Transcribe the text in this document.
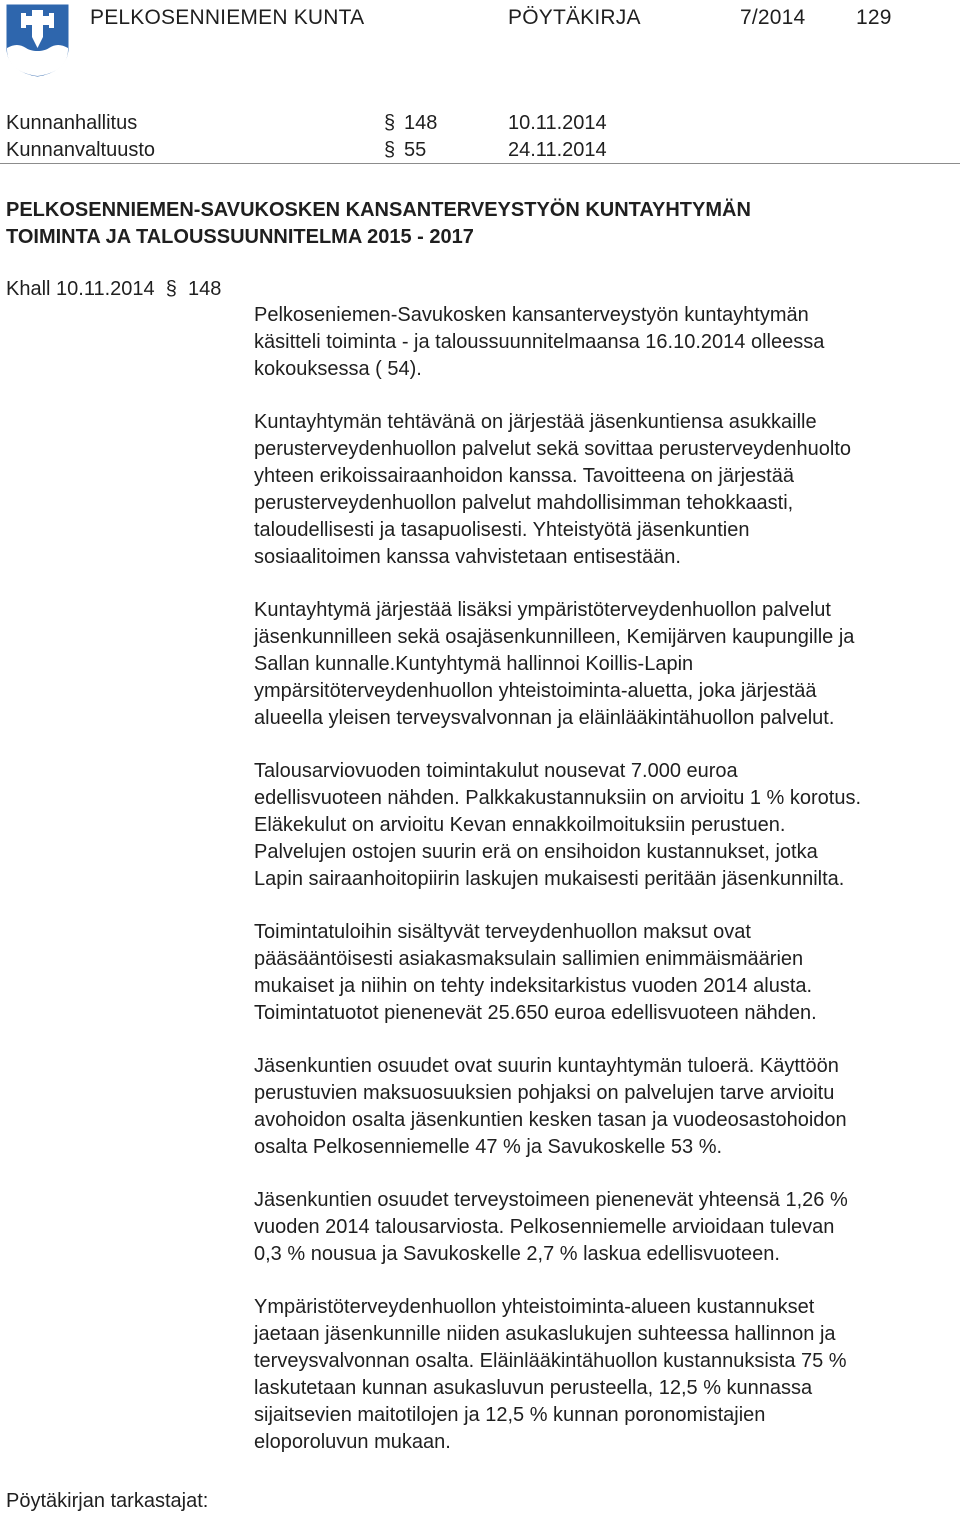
PELKOSENNIEMEN KUNTA	PÖYTÄKIRJA	7/2014 129
Kunnanhallitus	§ 148	10.11.2014
Kunnanvaltuusto	§ 55	24.11.2014
PELKOSENNIEMEN-SAVUKOSKEN KANSANTERVEYSTYÖN KUNTAYHTYMÄN
TOIMINTA JA TALOUSSUUNNITELMA 2015 - 2017
Khall 10.11.2014  §  148

Pelkoseniemen-Savukosken kansanterveystyön kuntayhtymän
käsitteli toiminta - ja taloussuunnitelmaansa 16.10.2014 olleessa
kokouksessa ( 54).

Kuntayhtymän tehtävänä on järjestää jäsenkuntiensa asukkaille
perusterveydenhuollon palvelut sekä sovittaa perusterveydenhuolto
yhteen erikoissairaanhoidon kanssa. Tavoitteena on järjestää
perusterveydenhuollon palvelut mahdollisimman tehokkaasti,
taloudellisesti ja tasapuolisesti. Yhteistyötä jäsenkuntien
sosiaalitoimen kanssa vahvistetaan entisestään.

Kuntayhtymä järjestää lisäksi ympäristöterveydenhuollon palvelut
jäsenkunnilleen sekä osajäsenkunnilleen, Kemijärven kaupungille ja
Sallan kunnalle.Kuntyhtymä hallinnoi Koillis-Lapin
ympärsitöterveydenhuollon yhteistoiminta-aluetta, joka järjestää
alueella yleisen terveysvalvonnan ja eläinlääkintähuollon palvelut.

Talousarviovuoden toimintakulut nousevat 7.000 euroa
edellisvuoteen nähden. Palkkakustannuksiin on arvioitu 1 % korotus.
Eläkekulut on arvioitu Kevan ennakkoilmoituksiin perustuen.
Palvelujen ostojen suurin erä on ensihoidon kustannukset, jotka
Lapin sairaanhoitopiirin laskujen mukaisesti peritään jäsenkunnilta.

Toimintatuloihin sisältyvät terveydenhuollon maksut ovat
pääsääntöisesti asiakasmaksulain sallimien enimmäismäärien
mukaiset ja niihin on tehty indeksitarkistus vuoden 2014 alusta.
Toimintatuotot pienenevät 25.650 euroa edellisvuoteen nähden.

Jäsenkuntien osuudet ovat suurin kuntayhtymän tuloerä. Käyttöön
perustuvien maksuosuuksien pohjaksi on palvelujen tarve arvioitu
avohoidon osalta jäsenkuntien kesken tasan ja vuodeosastohoidon
osalta Pelkosenniemelle 47 % ja Savukoskelle 53 %.

Jäsenkuntien osuudet terveystoimeen pienenevät yhteensä 1,26 %
vuoden 2014 talousarviosta. Pelkosenniemelle arvioidaan tulevan
0,3 % nousua ja Savukoskelle 2,7 % laskua edellisvuoteen.

Ympäristöterveydenhuollon yhteistoiminta-alueen kustannukset
jaetaan jäsenkunnille niiden asukaslukujen suhteessa hallinnon ja
terveysvalvonnan osalta. Eläinlääkintähuollon kustannuksista 75 %
laskutetaan kunnan asukasluvun perusteella, 12,5 % kunnassa
sijaitsevien maitotilojen ja 12,5 % kunnan poronomistajien
eloporoluvun mukaan.

Pöytäkirjan tarkastajat:
